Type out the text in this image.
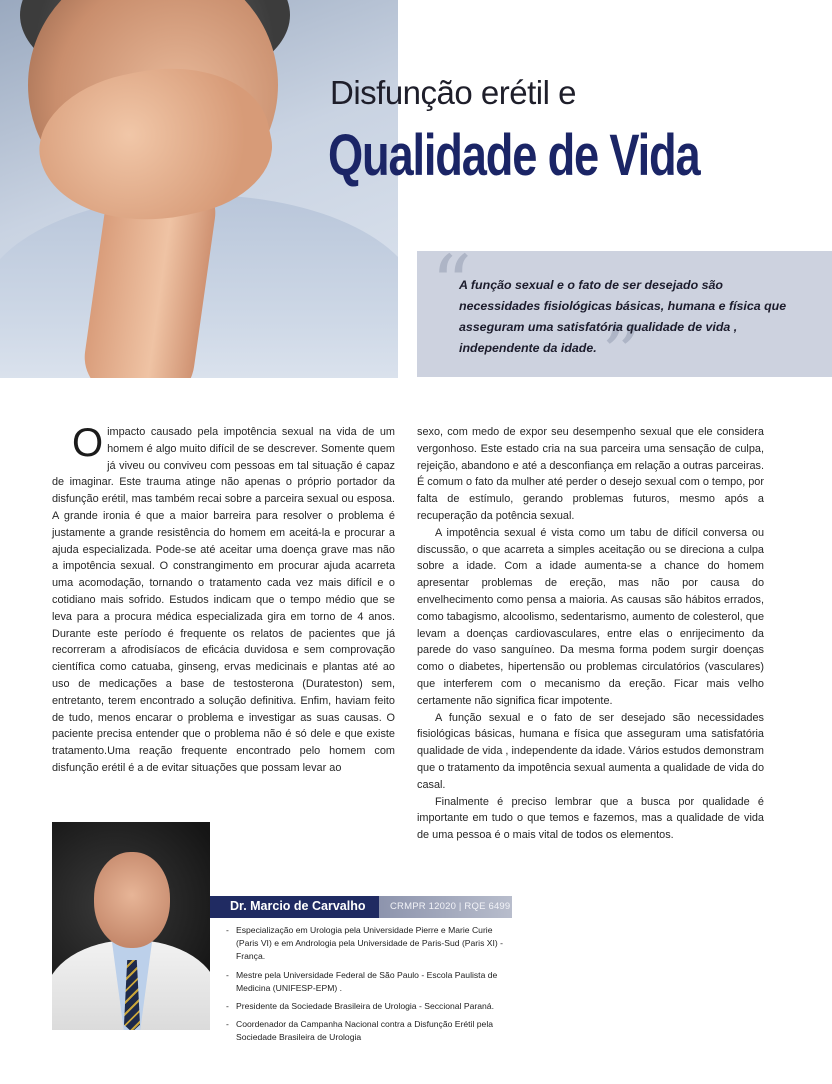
Disfunção erétil e
Qualidade de Vida
“
”
A função sexual e o fato de ser desejado são necessidades fisiológicas básicas, humana e física que asseguram uma satisfatória qualidade de vida , independente da idade.

Oimpacto causado pela impotência sexual na vida de um homem é algo muito difícil de se descrever. Somente quem já viveu ou conviveu com pessoas em tal situação é capaz de imaginar. Este trauma atinge não apenas o próprio portador da disfunção erétil, mas também recai sobre a parceira sexual ou esposa. A grande ironia é que a maior barreira para resolver o problema é justamente a grande resistência do homem em aceitá-la e procurar a ajuda especializada. Pode-se até aceitar uma doença grave mas não a impotência sexual. O constrangimento em procurar ajuda acarreta uma acomodação, tornando o tratamento cada vez mais difícil e o cotidiano mais sofrido. Estudos indicam que o tempo médio que se leva para a procura médica especializada gira em torno de 4 anos. Durante este período é frequente os relatos de pacientes que já recorreram a afrodisíacos de eficácia duvidosa e sem comprovação científica como catuaba, ginseng, ervas medicinais e plantas até ao uso de medicações a base de testosterona (Durateston) sem, entretanto, terem encontrado a solução definitiva. Enfim, haviam feito de tudo, menos encarar o problema e investigar as suas causas. O paciente precisa entender que o problema não é só dele e que existe tratamento.Uma reação frequente encontrado pelo homem com disfunção erétil é a de evitar situações que possam levar ao

sexo, com medo de expor seu desempenho sexual que ele considera vergonhoso. Este estado cria na sua parceira uma sensação de culpa, rejeição, abandono e até a desconfiança em relação a outras parceiras. É comum o fato da mulher até perder o desejo sexual com o tempo, por falta de estímulo, gerando problemas futuros, mesmo após a recuperação da potência sexual.

A impotência sexual é vista como um tabu de difícil conversa ou discussão, o que acarreta a simples aceitação ou se direciona a culpa sobre a idade. Com a idade aumenta-se a chance do homem apresentar problemas de ereção, mas não por causa do envelhecimento como pensa a maioria. As causas são hábitos errados, como tabagismo, alcoolismo, sedentarismo, aumento de colesterol, que levam a doenças cardiovasculares, entre elas o enrijecimento da parede do vaso sanguíneo. Da mesma forma podem surgir doenças como o diabetes, hipertensão ou problemas circulatórios (vasculares) que interferem com o mecanismo da ereção. Ficar mais velho certamente não significa ficar impotente.

A função sexual e o fato de ser desejado são necessidades fisiológicas básicas, humana e física que asseguram uma satisfatória qualidade de vida , independente da idade. Vários estudos demonstram que o tratamento da impotência sexual aumenta a qualidade de vida do casal.

Finalmente é preciso lembrar que a busca por qualidade é importante em tudo o que temos e fazemos, mas a qualidade de vida de uma pessoa é o mais vital de todos os elementos.

Dr. Marcio de Carvalho	CRMPR 12020 | RQE 6499
- Especialização em Urologia pela Universidade Pierre e Marie Curie (Paris VI) e em Andrologia pela Universidade de Paris-Sud (Paris XI) - França.
- Mestre pela Universidade Federal de São Paulo - Escola Paulista de Medicina (UNIFESP-EPM) .
- Presidente da Sociedade Brasileira de Urologia - Seccional Paraná.
- Coordenador da Campanha Nacional contra a Disfunção Erétil pela Sociedade Brasileira de Urologia
